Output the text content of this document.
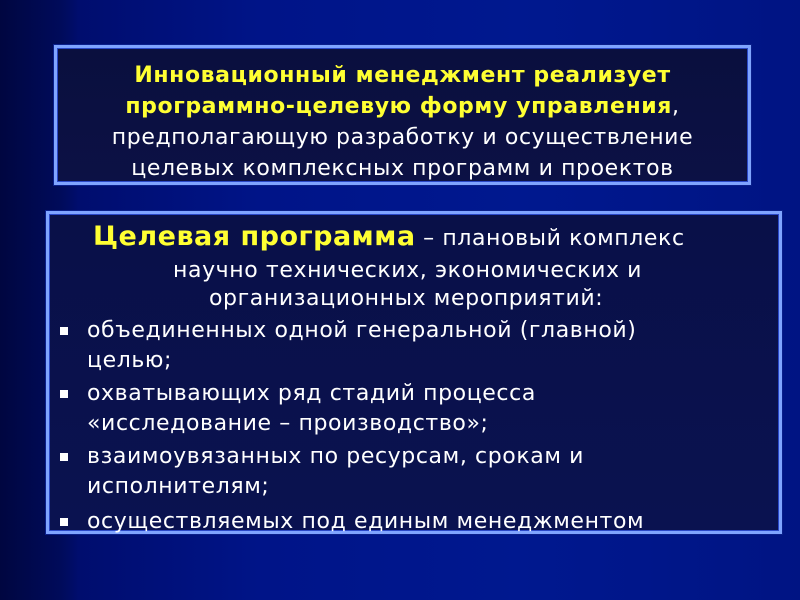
Инновационный менеджмент реализует
программно-целевую форму управления,
предполагающую разработку и осуществление
целевых комплексных программ и проектов
Целевая программа – плановый комплекс
научно технических, экономических и
организационных мероприятий:
объединенных одной генеральной (главной)
целью;
охватывающих ряд стадий процесса
«исследование – производство»;
взаимоувязанных по ресурсам, срокам и
исполнителям;
осуществляемых под единым менеджментом
